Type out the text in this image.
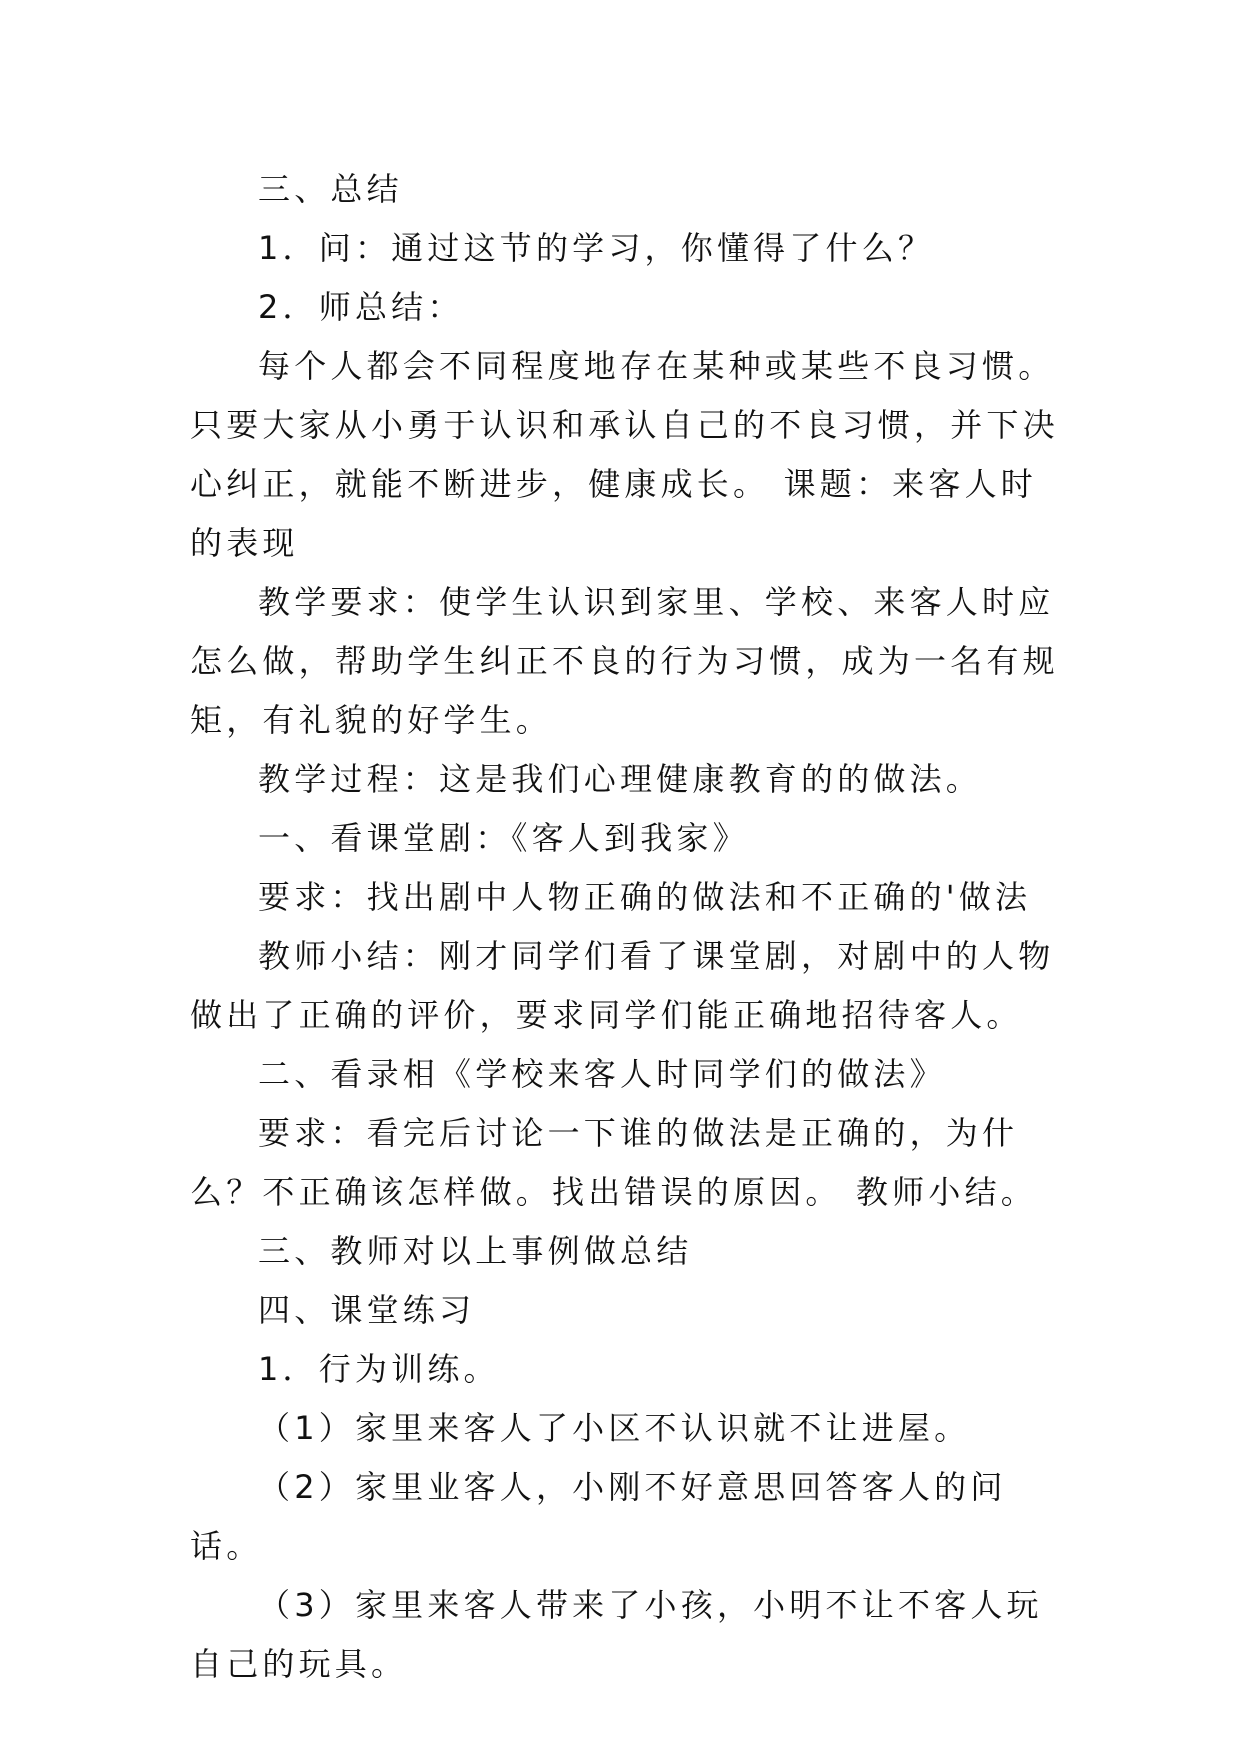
三、总结

1．问：通过这节的学习，你懂得了什么？

2．师总结：

每个人都会不同程度地存在某种或某些不良习惯。只要大家从小勇于认识和承认自己的不良习惯，并下决心纠正，就能不断进步，健康成长。 课题：来客人时的表现

教学要求：使学生认识到家里、学校、来客人时应怎么做，帮助学生纠正不良的行为习惯，成为一名有规矩，有礼貌的好学生。

教学过程：这是我们心理健康教育的的做法。

一、看课堂剧：《客人到我家》

要求：找出剧中人物正确的做法和不正确的'做法

教师小结：刚才同学们看了课堂剧，对剧中的人物做出了正确的评价，要求同学们能正确地招待客人。

二、看录相《学校来客人时同学们的做法》

要求：看完后讨论一下谁的做法是正确的，为什么？不正确该怎样做。找出错误的原因。 教师小结。

三、教师对以上事例做总结

四、课堂练习

1．行为训练。

（1）家里来客人了小区不认识就不让进屋。

（2）家里业客人，小刚不好意思回答客人的问话。

（3）家里来客人带来了小孩，小明不让不客人玩自己的玩具。
